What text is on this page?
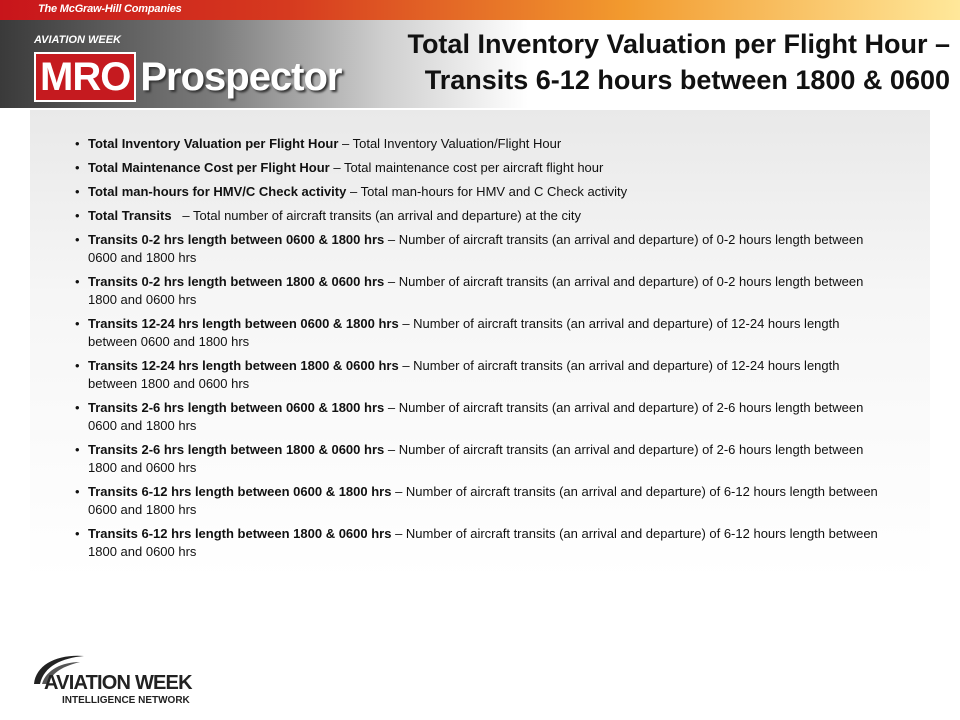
The McGraw-Hill Companies
AVIATION WEEK
MRO Prospector
Total Inventory Valuation per Flight Hour –
Transits 6-12 hours between 1800 & 0600
• Total Inventory Valuation per Flight Hour – Total Inventory Valuation/Flight Hour
• Total Maintenance Cost per Flight Hour – Total maintenance cost per aircraft flight hour
• Total man-hours for HMV/C Check activity – Total man-hours for HMV and C Check activity
• Total Transits   – Total number of aircraft transits (an arrival and departure) at the city
• Transits 0-2 hrs length between 0600 & 1800 hrs – Number of aircraft transits (an arrival and departure) of 0-2 hours length between 0600 and 1800 hrs
• Transits 0-2 hrs length between 1800 & 0600 hrs – Number of aircraft transits (an arrival and departure) of 0-2 hours length between 1800 and 0600 hrs
• Transits 12-24 hrs length between 0600 & 1800 hrs – Number of aircraft transits (an arrival and departure) of 12-24 hours length between 0600 and 1800 hrs
• Transits 12-24 hrs length between 1800 & 0600 hrs – Number of aircraft transits (an arrival and departure) of 12-24 hours length between 1800 and 0600 hrs
• Transits 2-6 hrs length between 0600 & 1800 hrs – Number of aircraft transits (an arrival and departure) of 2-6 hours length between 0600 and 1800 hrs
• Transits 2-6 hrs length between 1800 & 0600 hrs – Number of aircraft transits (an arrival and departure) of 2-6 hours length between 1800 and 0600 hrs
• Transits 6-12 hrs length between 0600 & 1800 hrs – Number of aircraft transits (an arrival and departure) of 6-12 hours length between 0600 and 1800 hrs
• Transits 6-12 hrs length between 1800 & 0600 hrs – Number of aircraft transits (an arrival and departure) of 6-12 hours length between 1800 and 0600 hrs
AVIATION WEEK
INTELLIGENCE NETWORK
